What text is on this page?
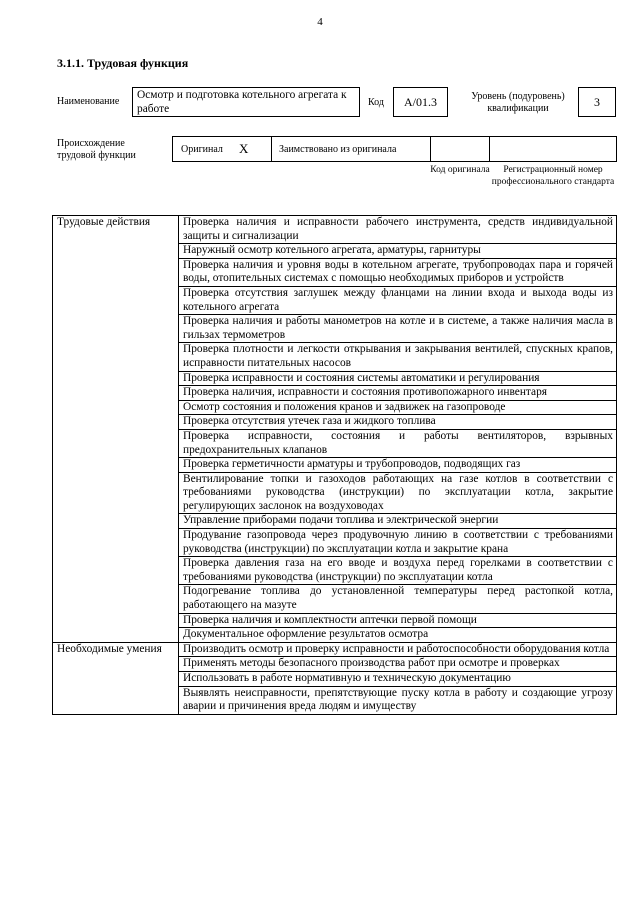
4
3.1.1. Трудовая функция
Наименование
Осмотр и подготовка котельного агрегата к работе	Код	A/01.3	Уровень (подуровень) квалификации	3
Происхождение трудовой функции
Оригинал X	Заимствовано из оригинала
Код оригинала	Регистрационный номер профессионального стандарта
Трудовые действия	Проверка наличия и исправности рабочего инструмента, средств индивидуальной защиты и сигнализации
	Наружный осмотр котельного агрегата, арматуры, гарнитуры
	Проверка наличия и уровня воды в котельном агрегате, трубопроводах пара и горячей воды, отопительных системах с помощью необходимых приборов и устройств
	Проверка отсутствия заглушек между фланцами на линии входа и выхода воды из котельного агрегата
	Проверка наличия и работы манометров на котле и в системе, а также наличия масла в гильзах термометров
	Проверка плотности и легкости открывания и закрывания вентилей, спускных крапов, исправности питательных насосов
	Проверка исправности и состояния системы автоматики и регулирования
	Проверка наличия, исправности и состояния противопожарного инвентаря
	Осмотр состояния и положения кранов и задвижек на газопроводе
	Проверка отсутствия утечек газа и жидкого топлива
	Проверка исправности, состояния и работы вентиляторов, взрывных предохранительных клапанов
	Проверка герметичности арматуры и трубопроводов, подводящих газ
	Вентилирование топки и газоходов работающих на газе котлов в соответствии с требованиями руководства (инструкции) по эксплуатации котла, закрытие регулирующих заслонок на воздуховодах
	Управление приборами подачи топлива и электрической энергии
	Продувание газопровода через продувочную линию в соответствии с требованиями руководства (инструкции) по эксплуатации котла и закрытие крана
	Проверка давления газа на его вводе и воздуха перед горелками в соответствии с требованиями руководства (инструкции) по эксплуатации котла
	Подогревание топлива до установленной температуры перед растопкой котла, работающего на мазуте
	Проверка наличия и комплектности аптечки первой помощи
	Документальное оформление результатов осмотра
Необходимые умения	Производить осмотр и проверку исправности и работоспособности оборудования котла
	Применять методы безопасного производства работ при осмотре и проверках
	Использовать в работе нормативную и техническую документацию
	Выявлять неисправности, препятствующие пуску котла в работу и создающие угрозу аварии и причинения вреда людям и имуществу
